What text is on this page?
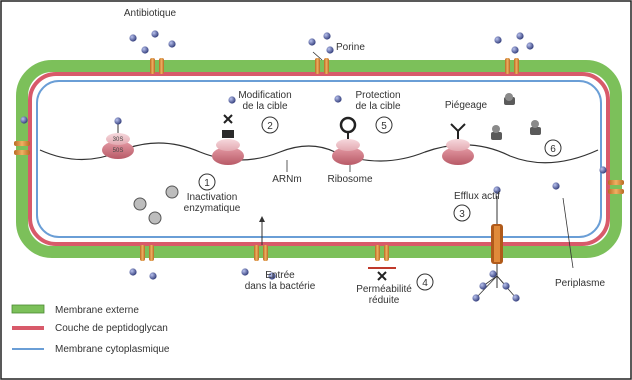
1
2
3
4
5
6
30S
50S
Antibiotique
Porine
Modification
de la cible
Protection
de la cible	Piégeage
Inactivation
enzymatique
ARNm	Ribosome
Efflux actif
Periplasme
Entrée
dans la bactérie	Perméabilité
réduite
Membrane externe
Couche de peptidoglycan
Membrane cytoplasmique
